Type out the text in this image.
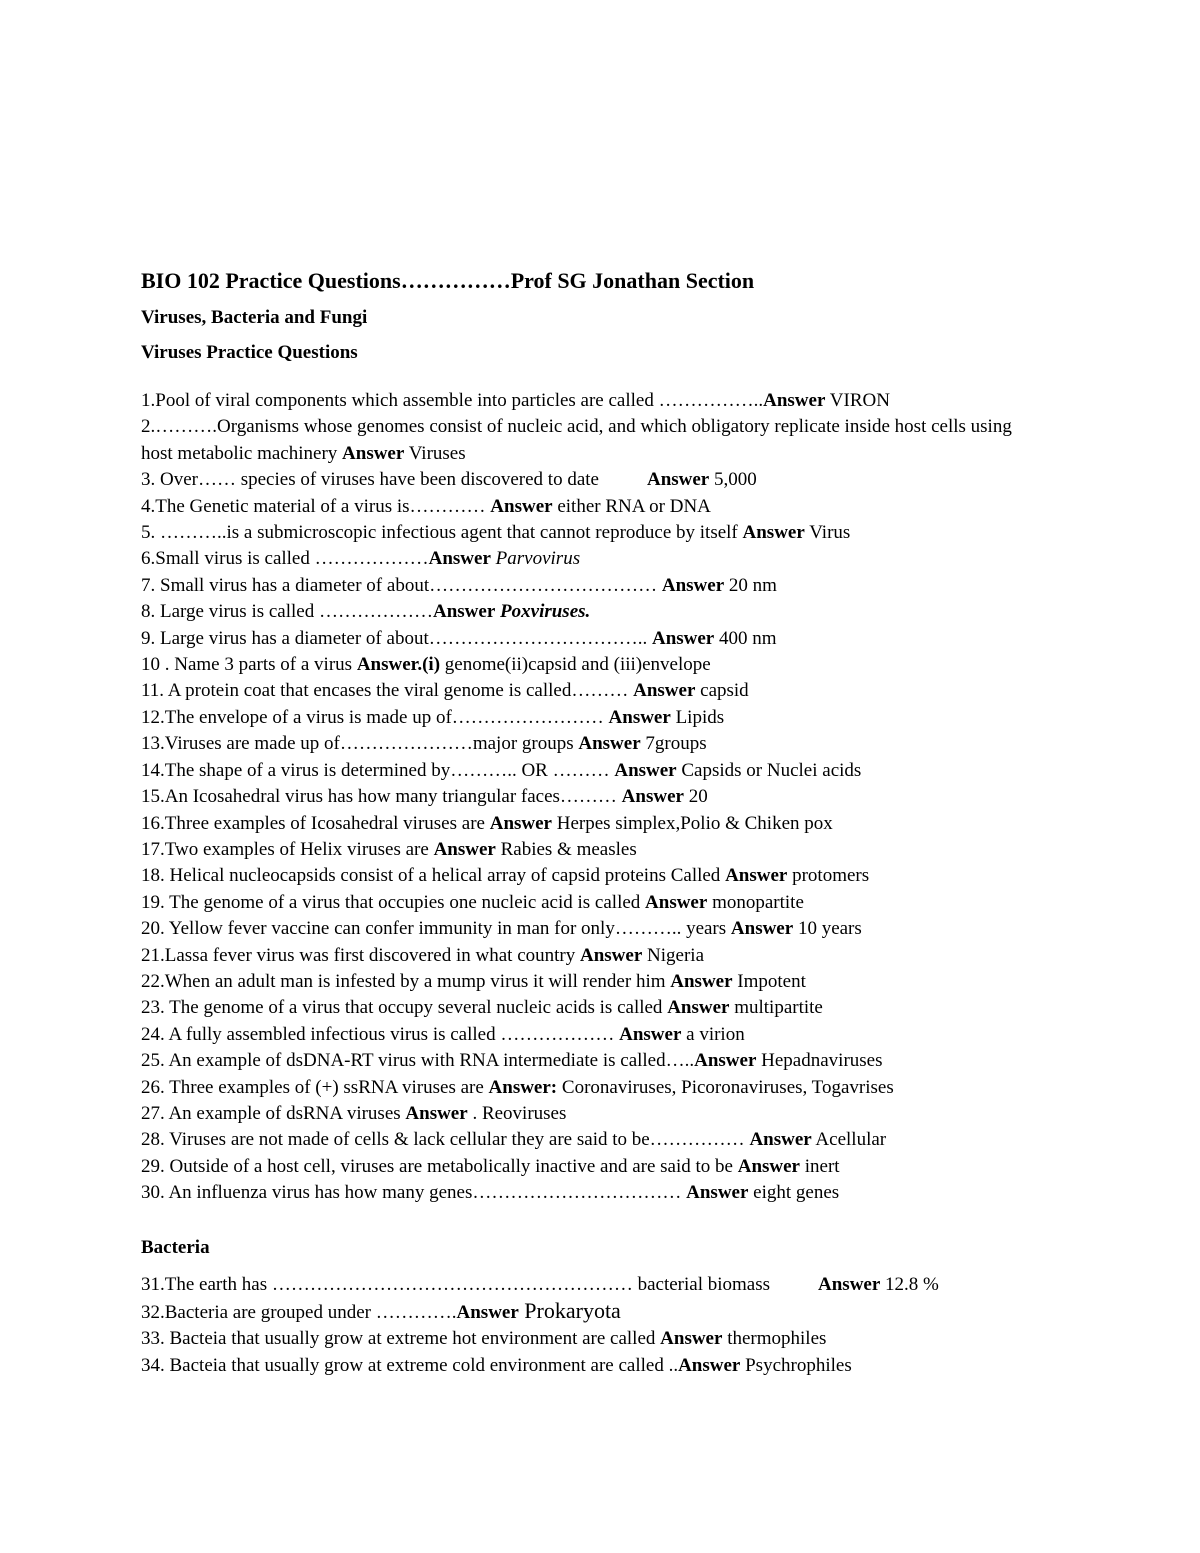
BIO 102 Practice Questions……………Prof SG Jonathan Section

Viruses, Bacteria and Fungi

Viruses Practice Questions

1.Pool of viral components which assemble into particles are called ……………..Answer VIRON
2.……….Organisms whose genomes consist of nucleic acid, and which obligatory replicate inside host cells using host metabolic machinery Answer Viruses
3. Over…… species of viruses have been discovered to date	Answer 5,000
4.The Genetic material of a virus is………… Answer either RNA or DNA
5. ………..is a submicroscopic infectious agent that cannot reproduce by itself Answer Virus
6.Small virus is called ………………Answer Parvovirus
7. Small virus has a diameter of about……………………………… Answer 20 nm
8. Large virus is called ………………Answer Poxviruses.
9. Large virus has a diameter of about…………………………….. Answer 400 nm
10 . Name 3 parts of a virus Answer.(i) genome(ii)capsid and (iii)envelope
11. A protein coat that encases the viral genome is called……… Answer capsid
12.The envelope of a virus is made up of…………………… Answer Lipids
13.Viruses are made up of…………………major groups Answer 7groups
14.The shape of a virus is determined by……….. OR ……… Answer Capsids or Nuclei acids
15.An Icosahedral virus has how many triangular faces……… Answer 20
16.Three examples of Icosahedral viruses are Answer Herpes simplex,Polio & Chiken pox
17.Two examples of Helix viruses are Answer Rabies & measles
18. Helical nucleocapsids consist of a helical array of capsid proteins Called Answer protomers
19. The genome of a virus that occupies one nucleic acid is called Answer monopartite
20. Yellow fever vaccine can confer immunity in man for only……….. years Answer 10 years
21.Lassa fever virus was first discovered in what country Answer Nigeria
22.When an adult man is infested by a mump virus it will render him Answer Impotent
23. The genome of a virus that occupy several nucleic acids is called Answer multipartite
24. A fully assembled infectious virus is called ……………… Answer a virion
25. An example of dsDNA-RT virus with RNA intermediate is called…..Answer Hepadnaviruses
26. Three examples of (+) ssRNA viruses are Answer: Coronaviruses, Picoronaviruses, Togavrises
27. An example of dsRNA viruses Answer . Reoviruses
28. Viruses are not made of cells & lack cellular they are said to be…………… Answer Acellular
29. Outside of a host cell, viruses are metabolically inactive and are said to be Answer inert
30. An influenza virus has how many genes…………………………… Answer eight genes
Bacteria
31.The earth has ………………………………………………… bacterial biomass	Answer 12.8 %
32.Bacteria are grouped under ………….Answer Prokaryota
33. Bacteia that usually grow at extreme hot environment are called Answer thermophiles
34. Bacteia that usually grow at extreme cold environment are called ..Answer Psychrophiles
